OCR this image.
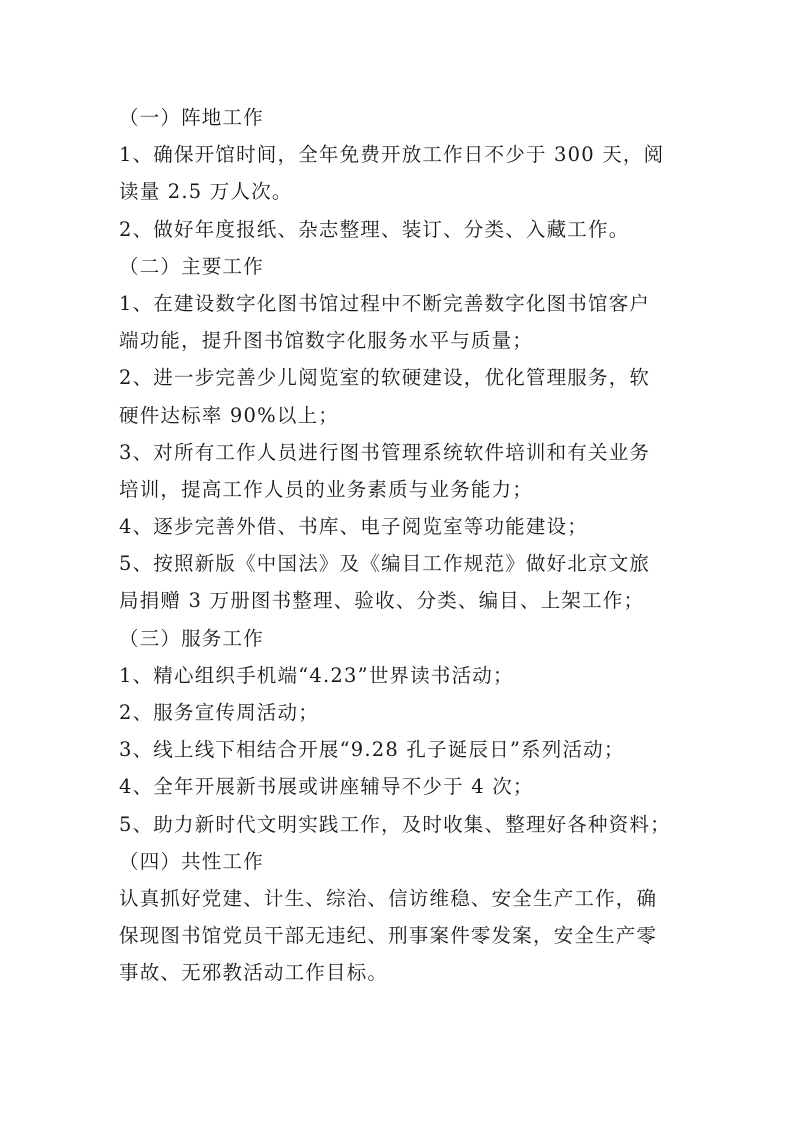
（一）阵地工作
1、确保开馆时间，全年免费开放工作日不少于 300 天，阅
读量 2.5 万人次。
2、做好年度报纸、杂志整理、装订、分类、入藏工作。
（二）主要工作
1、在建设数字化图书馆过程中不断完善数字化图书馆客户
端功能，提升图书馆数字化服务水平与质量；
2、进一步完善少儿阅览室的软硬建设，优化管理服务，软
硬件达标率 90%以上；
3、对所有工作人员进行图书管理系统软件培训和有关业务
培训，提高工作人员的业务素质与业务能力；
4、逐步完善外借、书库、电子阅览室等功能建设；
5、按照新版《中国法》及《编目工作规范》做好北京文旅
局捐赠 3 万册图书整理、验收、分类、编目、上架工作；
（三）服务工作
1、精心组织手机端“4.23”世界读书活动；
2、服务宣传周活动；
3、线上线下相结合开展“9.28 孔子诞辰日”系列活动；
4、全年开展新书展或讲座辅导不少于 4 次；
5、助力新时代文明实践工作，及时收集、整理好各种资料；
（四）共性工作
认真抓好党建、计生、综治、信访维稳、安全生产工作，确
保现图书馆党员干部无违纪、刑事案件零发案，安全生产零
事故、无邪教活动工作目标。
